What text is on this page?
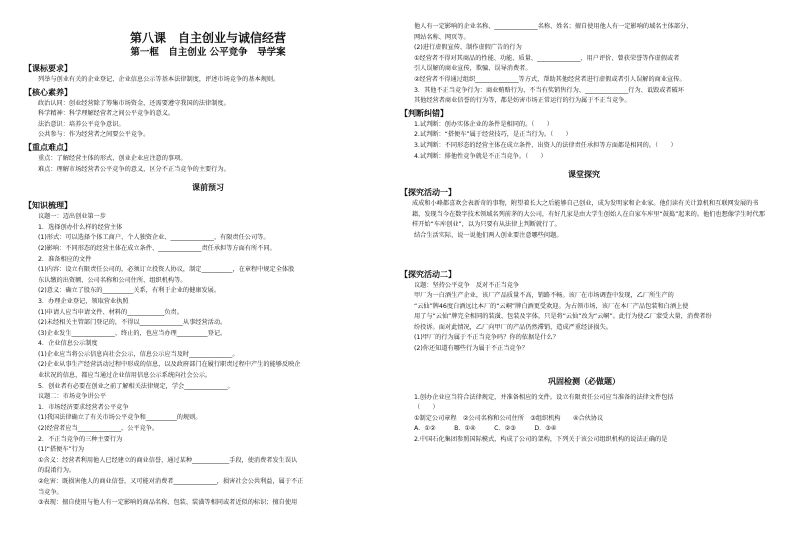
第八课　自主创业与诚信经营
第一框　自主创业 公平竞争　导学案
【课标要求】
列举与创业有关的企业登记、企业信息公示等基本法律制度，评述市场竞争的基本规则。
【核心素养】
政治认同：创业经营除了筹集市场资金，还需要遵守我国的法律制度。
科学精神：科学理解经营者之间公平竞争的意义。
法治意识：培养公平竞争意识。
公共参与：作为经营者之间要公平竞争。
【重点难点】
重点：了解经营主体的形式，创业企业应注意的事项。
难点：理解市场经营者公平竞争的意义，区分不正当竞争的主要行为。
课前预习
【知识梳理】
议题一：迈出创业第一步
1．选择创办什么样的经营主体
(1)形式：可以选择个体工商户、个人独资企业、______________、有限责任公司等。
(2)影响：不同形态的经营主体在成立条件、______________责任承担等方面有所不同。
2．准备相应的文件
(1)内容：设立有限责任公司的，必须订立投资人协议，制定__________，在章程中规定全体股
东认缴的出资额、公司名称和公司住所、组织机构等。
(2)意义：确立了股东的__________关系，有利于企业的健康发展。
3．办理企业登记，领取营业执照
(1)申请人应当申请文件、材料的____________负责。
(2)未经相关主管部门登记的，不得以______________从事经营活动。
(3)企业发生______________、终止的，也应当办理__________登记。
4．企业信息公示制度
(1)企业应当将公示信息向社会公示，信息公示应当及时______________。
(2)企业从事生产经营活动过程中形成的信息，以及政府部门在履行职责过程中产生的能够反映企
业状况的信息，都应当通过企业信用信息公示系统向社会公示。
5．创业者有必要在创业之前了解相关法律规定，学会______________。
议题二：市场竞争讲公平
1．市场经济要求经营者公平竞争
(1)我国法律确立了有关市场公平竞争和__________的规则。
(2)经营者应当______________，公平竞争。
2．不正当竞争的三种主要行为
(1)“搭便车”行为
①含义：经营者利用他人已经建立的商业信誉，通过某种____________手段，使消费者发生误认
的混淆行为。
②危害：既损害他人的商业信誉，又可能对消费者______________，损害社会公共利益，属于不正
当竞争。
③表现：擅自使用与他人有一定影响的商品名称、包装、装潢等相同或者近似的标识；擅自使用
他人有一定影响的企业名称、______________名称、姓名；擅自使用他人有一定影响的域名主体部分、
网站名称、网页等。
(2)进行虚假宣传、制作虚假广告的行为
①经营者不得对其商品的性能、功能、质量、______________、用户评价、曾获荣誉等作虚假或者
引人误解的商业宣传，欺骗、误导消费者。
②经营者不得通过组织______________等方式，帮助其他经营者进行虚假或者引人误解的商业宣传。
3．其他不正当竞争行为：商业贿赂行为、不当有奖销售行为、______________行为、诋毁或者破坏
其他经营者商业信誉的行为等，都是妨害市场正常运行的行为属于不正当竞争。
【判断纠错】
1.试判断：创办实体企业的条件是相同的。（　　）
2.试判断：“搭便车”属于经营技巧，是正当行为。（　　）
3.试判断：不同形态的经营主体在成立条件、出资人的法律责任承担等方面都是相同的。（　　）
4.试判断：排他性竞争就是不正当竞争。（　　）
课堂探究
【探究活动一】
成成和小峰都喜欢会表新奇的事物，附望着长大之后能够自己创业，成为发明家和企业家。他们读有关计算机和互联网发展的书籍，发现当今在数字技术领域名列前茅的大公司，有好几家是由大学生创始人在自家车库里“鼓捣”起来的。他们也想像学生时代那样开始“车库创业”，以为只要有从法律上判断就行了。
结合生活实际，说一说他们两人创业要注意哪些问题。
【探究活动二】
议题：坚持公平竞争　反对不正当竞争
甲厂为一白酒生产企业，该厂产品质量不高，销路不畅。该厂在市场调查中发现，乙厂所生产的
“云仙”牌46度白酒远比本厂的“云峒”牌白酒更受欢迎。为占领市场，该厂在本厂产品包装和白酒上使
用了与“云仙”牌完全相同的装潢、包装及字体，只是将“云仙”改为“云峒”。此行为使乙厂蒙受大量，消费者纷
纷投诉。面对此情况，乙厂向甲厂的产品仍然滞销，造成严重经济损失。
(1)甲厂的行为属于不正当竞争吗？你的依据是什么？
(2)你还知道有哪些行为属于不正当竞争？
巩固检测（必做题）
1.创办企业应当符合法律规定，并准备相应的文件。设立有限责任公司应当准备的法律文件包括
（　　）
①制定公司章程　②公司名称和公司住所　③组织机构　　④合伙协议
A．①②　　　B．①④　　　C．②③　　　D．③④
2.中国石化集团参照国际模式，构成了公司的架构，下列关于该公司组织机构的说法正确的是
